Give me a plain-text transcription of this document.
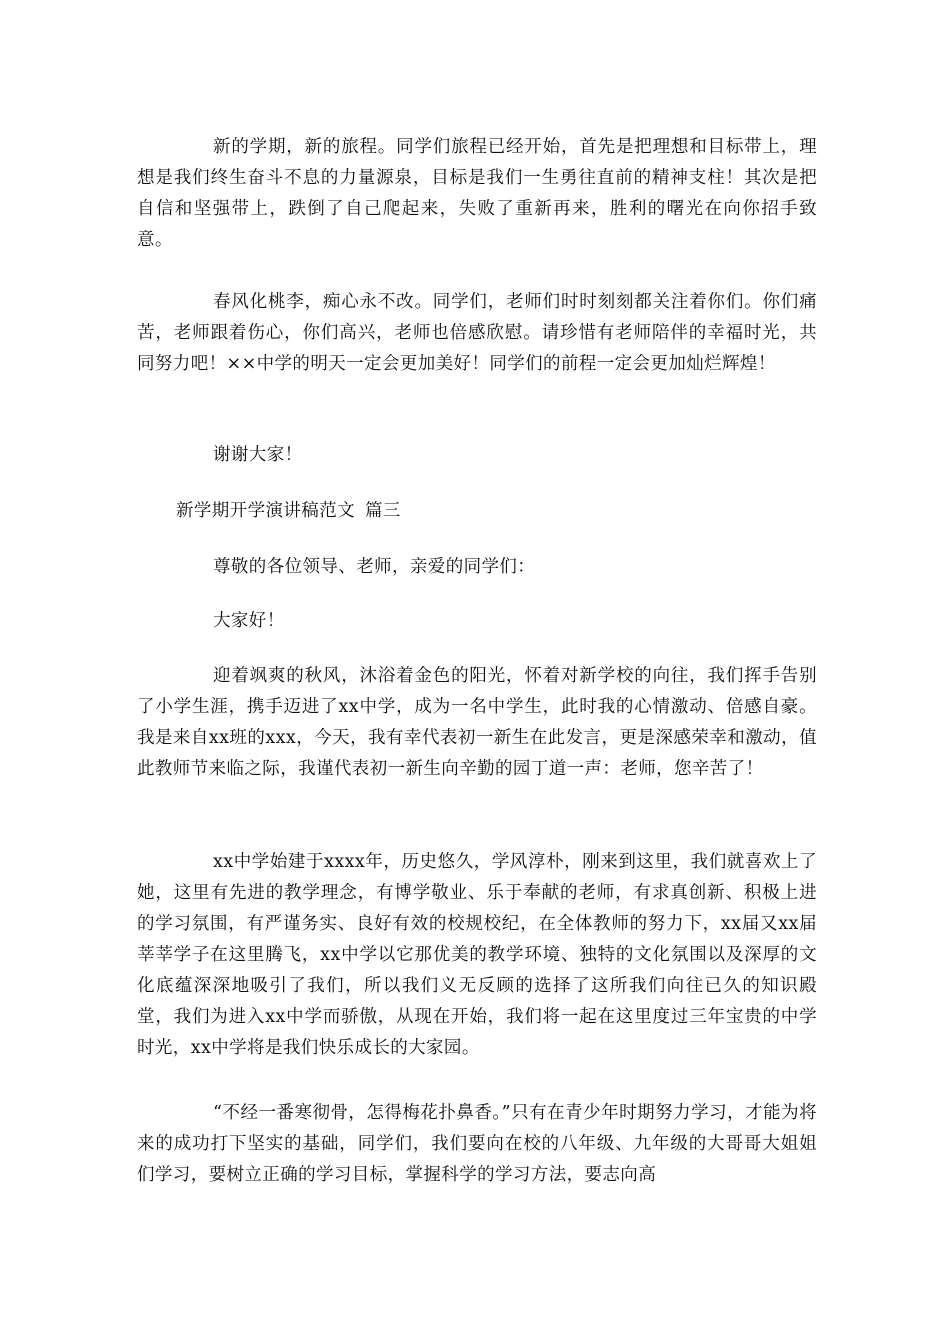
新的学期，新的旅程。同学们旅程已经开始，首先是把理想和目标带上，理想是我们终生奋斗不息的力量源泉，目标是我们一生勇往直前的精神支柱！其次是把自信和坚强带上，跌倒了自己爬起来，失败了重新再来，胜利的曙光在向你招手致意。

春风化桃李，痴心永不改。同学们，老师们时时刻刻都关注着你们。你们痛苦，老师跟着伤心，你们高兴，老师也倍感欣慰。请珍惜有老师陪伴的幸福时光，共同努力吧！××中学的明天一定会更加美好！同学们的前程一定会更加灿烂辉煌！

谢谢大家！

新学期开学演讲稿范文 篇三

尊敬的各位领导、老师，亲爱的同学们：

大家好！

迎着飒爽的秋风，沐浴着金色的阳光，怀着对新学校的向往，我们挥手告别了小学生涯，携手迈进了xx中学，成为一名中学生，此时我的心情激动、倍感自豪。我是来自xx班的xxx，今天，我有幸代表初一新生在此发言，更是深感荣幸和激动，值此教师节来临之际，我谨代表初一新生向辛勤的园丁道一声：老师，您辛苦了！

xx中学始建于xxxx年，历史悠久，学风淳朴，刚来到这里，我们就喜欢上了她，这里有先进的教学理念，有博学敬业、乐于奉献的老师，有求真创新、积极上进的学习氛围，有严谨务实、良好有效的校规校纪，在全体教师的努力下，xx届又xx届莘莘学子在这里腾飞，xx中学以它那优美的教学环境、独特的文化氛围以及深厚的文化底蕴深深地吸引了我们，所以我们义无反顾的选择了这所我们向往已久的知识殿堂，我们为进入xx中学而骄傲，从现在开始，我们将一起在这里度过三年宝贵的中学时光，xx中学将是我们快乐成长的大家园。

“不经一番寒彻骨，怎得梅花扑鼻香。”只有在青少年时期努力学习，才能为将来的成功打下坚实的基础，同学们，我们要向在校的八年级、九年级的大哥哥大姐姐们学习，要树立正确的学习目标，掌握科学的学习方法，要志向高
